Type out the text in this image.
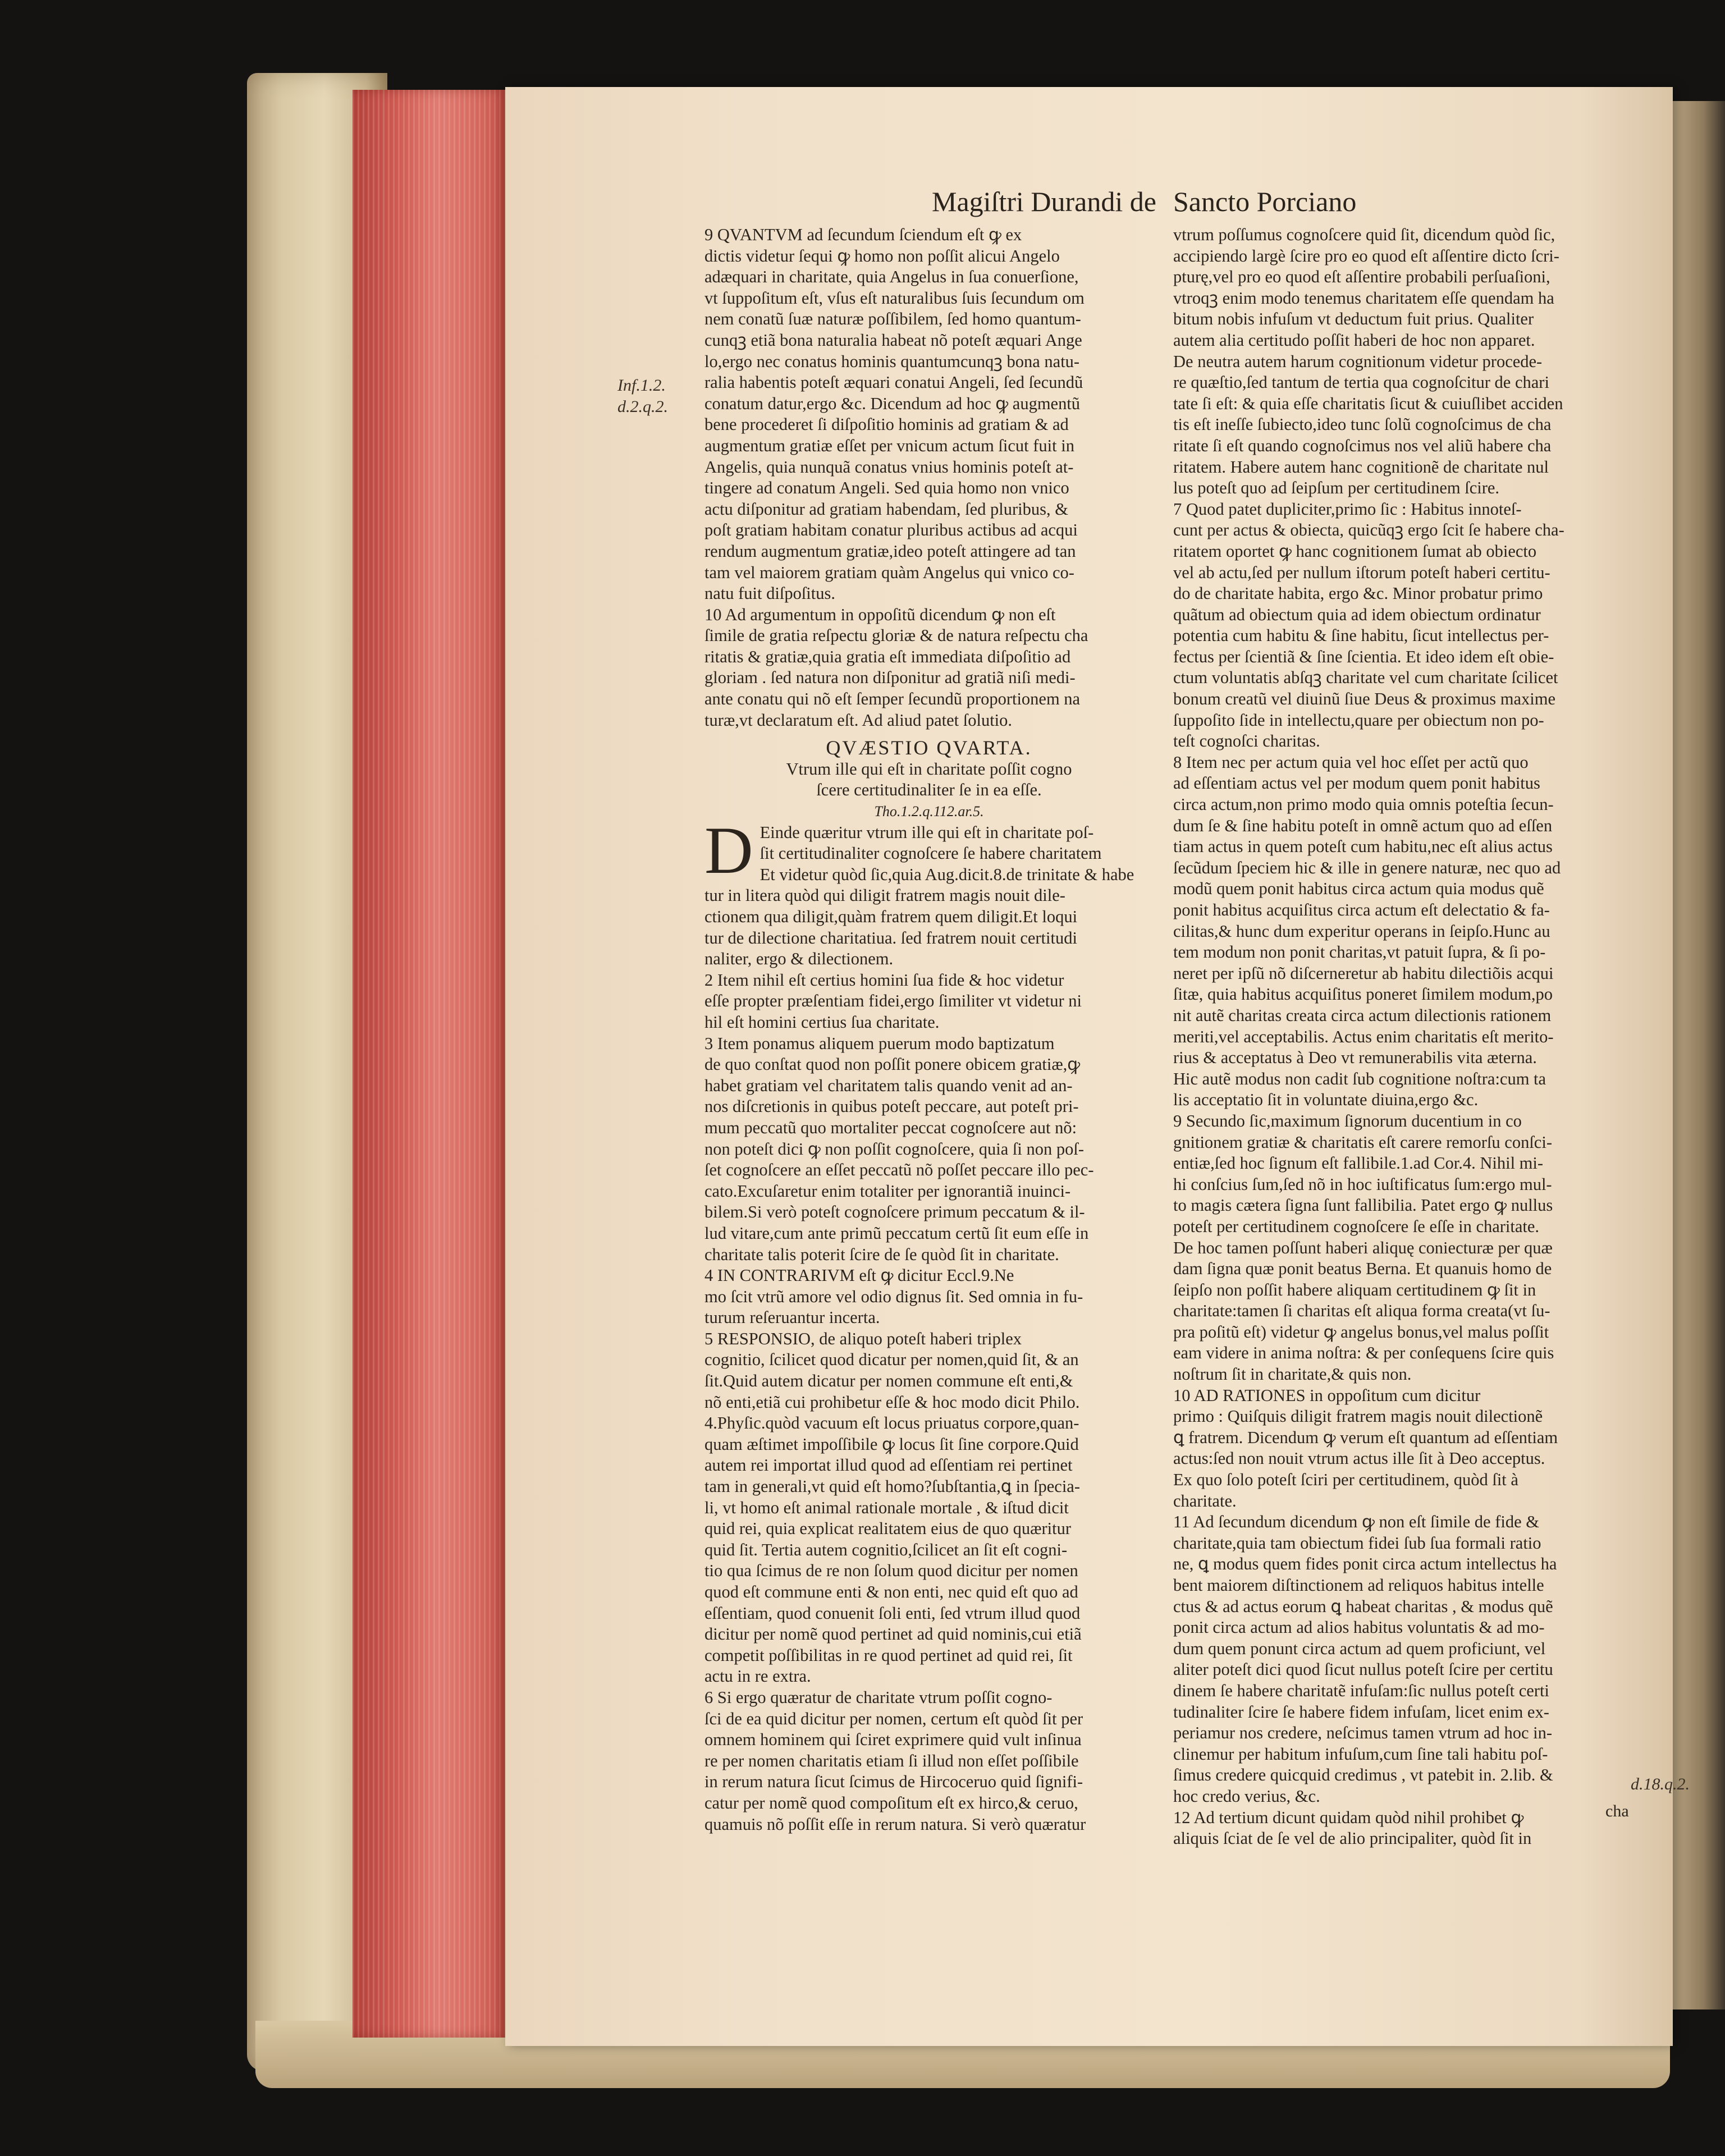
Magiſtri Durandi de Sancto Porciano
Inf.1.2.
d.2.q.2.
d.18.q.2.

9 QVANTVM ad ſecundum ſciendum eſt ꝙ ex

dictis videtur ſequi ꝙ homo non poſſit alicui Angelo

adæquari in charitate, quia Angelus in ſua conuerſione,

vt ſuppoſitum eſt, vſus eſt naturalibus ſuis ſecundum om

nem conatũ ſuæ naturæ poſſibilem, ſed homo quantum-

cunqꝫ etiã bona naturalia habeat nõ poteſt æquari Ange

lo,ergo nec conatus hominis quantumcunqꝫ bona natu-

ralia habentis poteſt æquari conatui Angeli, ſed ſecundũ

conatum datur,ergo &c. Dicendum ad hoc ꝙ augmentũ

bene procederet ſi diſpoſitio hominis ad gratiam & ad

augmentum gratiæ eſſet per vnicum actum ſicut fuit in

Angelis, quia nunquã conatus vnius hominis poteſt at-

tingere ad conatum Angeli. Sed quia homo non vnico

actu diſponitur ad gratiam habendam, ſed pluribus, &

poſt gratiam habitam conatur pluribus actibus ad acqui

rendum augmentum gratiæ,ideo poteſt attingere ad tan

tam vel maiorem gratiam quàm Angelus qui vnico co-

natu fuit diſpoſitus.

10 Ad argumentum in oppoſitũ dicendum ꝙ non eſt

ſimile de gratia reſpectu gloriæ & de natura reſpectu cha

ritatis & gratiæ,quia gratia eſt immediata diſpoſitio ad

gloriam . ſed natura non diſponitur ad gratiã niſi medi-

ante conatu qui nõ eſt ſemper ſecundũ proportionem na

turæ,vt declaratum eſt. Ad aliud patet ſolutio.

QVÆSTIO QVARTA.

Vtrum ille qui eſt in charitate poſſit cogno

ſcere certitudinaliter ſe in ea eſſe.

Tho.1.2.q.112.ar.5.

D Einde quæritur vtrum ille qui eſt in charitate poſ-

ſit certitudinaliter cognoſcere ſe habere charitatem

Et videtur quòd ſic,quia Aug.dicit.8.de trinitate & habe

tur in litera quòd qui diligit fratrem magis nouit dile-

ctionem qua diligit,quàm fratrem quem diligit.Et loqui

tur de dilectione charitatiua. ſed fratrem nouit certitudi

naliter, ergo & dilectionem.

2 Item nihil eſt certius homini ſua fide & hoc videtur

eſſe propter præſentiam fidei,ergo ſimiliter vt videtur ni

hil eſt homini certius ſua charitate.

3 Item ponamus aliquem puerum modo baptizatum

de quo conſtat quod non poſſit ponere obicem gratiæ,ꝙ

habet gratiam vel charitatem talis quando venit ad an-

nos diſcretionis in quibus poteſt peccare, aut poteſt pri-

mum peccatũ quo mortaliter peccat cognoſcere aut nõ:

non poteſt dici ꝙ non poſſit cognoſcere, quia ſi non poſ-

ſet cognoſcere an eſſet peccatũ nõ poſſet peccare illo pec-

cato.Excuſaretur enim totaliter per ignorantiã inuinci-

bilem.Si verò poteſt cognoſcere primum peccatum & il-

lud vitare,cum ante primũ peccatum certũ ſit eum eſſe in

charitate talis poterit ſcire de ſe quòd ſit in charitate.

4 IN CONTRARIVM eſt ꝙ dicitur Eccl.9.Ne

mo ſcit vtrũ amore vel odio dignus ſit. Sed omnia in fu-

turum reſeruantur incerta.

5 RESPONSIO, de aliquo poteſt haberi triplex

cognitio, ſcilicet quod dicatur per nomen,quid ſit, & an

ſit.Quid autem dicatur per nomen commune eſt enti,&

nõ enti,etiã cui prohibetur eſſe & hoc modo dicit Philo.

4.Phyſic.quòd vacuum eſt locus priuatus corpore,quan-

quam æſtimet impoſſibile ꝙ locus ſit ſine corpore.Quid

autem rei importat illud quod ad eſſentiam rei pertinet

tam in generali,vt quid eſt homo?ſubſtantia,ꝗ in ſpecia-

li, vt homo eſt animal rationale mortale , & iſtud dicit

quid rei, quia explicat realitatem eius de quo quæritur

quid ſit. Tertia autem cognitio,ſcilicet an ſit eſt cogni-

tio qua ſcimus de re non ſolum quod dicitur per nomen

quod eſt commune enti & non enti, nec quid eſt quo ad

eſſentiam, quod conuenit ſoli enti, ſed vtrum illud quod

dicitur per nomẽ quod pertinet ad quid nominis,cui etiã

competit poſſibilitas in re quod pertinet ad quid rei, ſit

actu in re extra.

6 Si ergo quæratur de charitate vtrum poſſit cogno-

ſci de ea quid dicitur per nomen, certum eſt quòd ſit per

omnem hominem qui ſciret exprimere quid vult inſinua

re per nomen charitatis etiam ſi illud non eſſet poſſibile

in rerum natura ſicut ſcimus de Hircoceruo quid ſignifi-

catur per nomẽ quod compoſitum eſt ex hirco,& ceruo,

quamuis nõ poſſit eſſe in rerum natura. Si verò quæratur

vtrum poſſumus cognoſcere quid ſit, dicendum quòd ſic,

accipiendo largè ſcire pro eo quod eſt aſſentire dicto ſcri-

pturę,vel pro eo quod eſt aſſentire probabili perſuaſioni,

vtroqꝫ enim modo tenemus charitatem eſſe quendam ha

bitum nobis infuſum vt deductum fuit prius. Qualiter

autem alia certitudo poſſit haberi de hoc non apparet.

De neutra autem harum cognitionum videtur procede-

re quæſtio,ſed tantum de tertia qua cognoſcitur de chari

tate ſi eſt: & quia eſſe charitatis ſicut & cuiuſlibet acciden

tis eſt ineſſe ſubiecto,ideo tunc ſolũ cognoſcimus de cha

ritate ſi eſt quando cognoſcimus nos vel aliũ habere cha

ritatem. Habere autem hanc cognitionẽ de charitate nul

lus poteſt quo ad ſeipſum per certitudinem ſcire.

7 Quod patet dupliciter,primo ſic : Habitus innoteſ-

cunt per actus & obiecta, quicũqꝫ ergo ſcit ſe habere cha-

ritatem oportet ꝙ hanc cognitionem ſumat ab obiecto

vel ab actu,ſed per nullum iſtorum poteſt haberi certitu-

do de charitate habita, ergo &c. Minor probatur primo

quãtum ad obiectum quia ad idem obiectum ordinatur

potentia cum habitu & ſine habitu, ſicut intellectus per-

fectus per ſcientiã & ſine ſcientia. Et ideo idem eſt obie-

ctum voluntatis abſqꝫ charitate vel cum charitate ſcilicet

bonum creatũ vel diuinũ ſiue Deus & proximus maxime

ſuppoſito ſide in intellectu,quare per obiectum non po-

teſt cognoſci charitas.

8 Item nec per actum quia vel hoc eſſet per actũ quo

ad eſſentiam actus vel per modum quem ponit habitus

circa actum,non primo modo quia omnis poteſtia ſecun-

dum ſe & ſine habitu poteſt in omnẽ actum quo ad eſſen

tiam actus in quem poteſt cum habitu,nec eſt alius actus

ſecũdum ſpeciem hic & ille in genere naturæ, nec quo ad

modũ quem ponit habitus circa actum quia modus quẽ

ponit habitus acquiſitus circa actum eſt delectatio & fa-

cilitas,& hunc dum experitur operans in ſeipſo.Hunc au

tem modum non ponit charitas,vt patuit ſupra, & ſi po-

neret per ipſũ nõ diſcerneretur ab habitu dilectiõis acqui

ſitæ, quia habitus acquiſitus poneret ſimilem modum,po

nit autẽ charitas creata circa actum dilectionis rationem

meriti,vel acceptabilis. Actus enim charitatis eſt merito-

rius & acceptatus à Deo vt remunerabilis vita æterna.

Hic autẽ modus non cadit ſub cognitione noſtra:cum ta

lis acceptatio ſit in voluntate diuina,ergo &c.

9 Secundo ſic,maximum ſignorum ducentium in co

gnitionem gratiæ & charitatis eſt carere remorſu conſci-

entiæ,ſed hoc ſignum eſt fallibile.1.ad Cor.4. Nihil mi-

hi conſcius ſum,ſed nõ in hoc iuſtificatus ſum:ergo mul-

to magis cætera ſigna ſunt fallibilia. Patet ergo ꝙ nullus

poteſt per certitudinem cognoſcere ſe eſſe in charitate.

De hoc tamen poſſunt haberi aliquę coniecturæ per quæ

dam ſigna quæ ponit beatus Berna. Et quanuis homo de

ſeipſo non poſſit habere aliquam certitudinem ꝙ ſit in

charitate:tamen ſi charitas eſt aliqua forma creata(vt ſu-

pra poſitũ eſt) videtur ꝙ angelus bonus,vel malus poſſit

eam videre in anima noſtra: & per conſequens ſcire quis

noſtrum ſit in charitate,& quis non.

10 AD RATIONES in oppoſitum cum dicitur

primo : Quiſquis diligit fratrem magis nouit dilectionẽ

ꝗ fratrem. Dicendum ꝙ verum eſt quantum ad eſſentiam

actus:ſed non nouit vtrum actus ille ſit à Deo acceptus.

Ex quo ſolo poteſt ſciri per certitudinem, quòd ſit à

charitate.

11 Ad ſecundum dicendum ꝙ non eſt ſimile de fide &

charitate,quia tam obiectum fidei ſub ſua formali ratio

ne, ꝗ modus quem fides ponit circa actum intellectus ha

bent maiorem diſtinctionem ad reliquos habitus intelle

ctus & ad actus eorum ꝗ habeat charitas , & modus quẽ

ponit circa actum ad alios habitus voluntatis & ad mo-

dum quem ponunt circa actum ad quem proficiunt, vel

aliter poteſt dici quod ſicut nullus poteſt ſcire per certitu

dinem ſe habere charitatẽ infuſam:ſic nullus poteſt certi

tudinaliter ſcire ſe habere fidem infuſam, licet enim ex-

periamur nos credere, neſcimus tamen vtrum ad hoc in-

clinemur per habitum infuſum,cum ſine tali habitu poſ-

ſimus credere quicquid credimus , vt patebit in. 2.lib. &

hoc credo verius, &c.

12 Ad tertium dicunt quidam quòd nihil prohibet ꝙ

aliquis ſciat de ſe vel de alio principaliter, quòd ſit in

cha
